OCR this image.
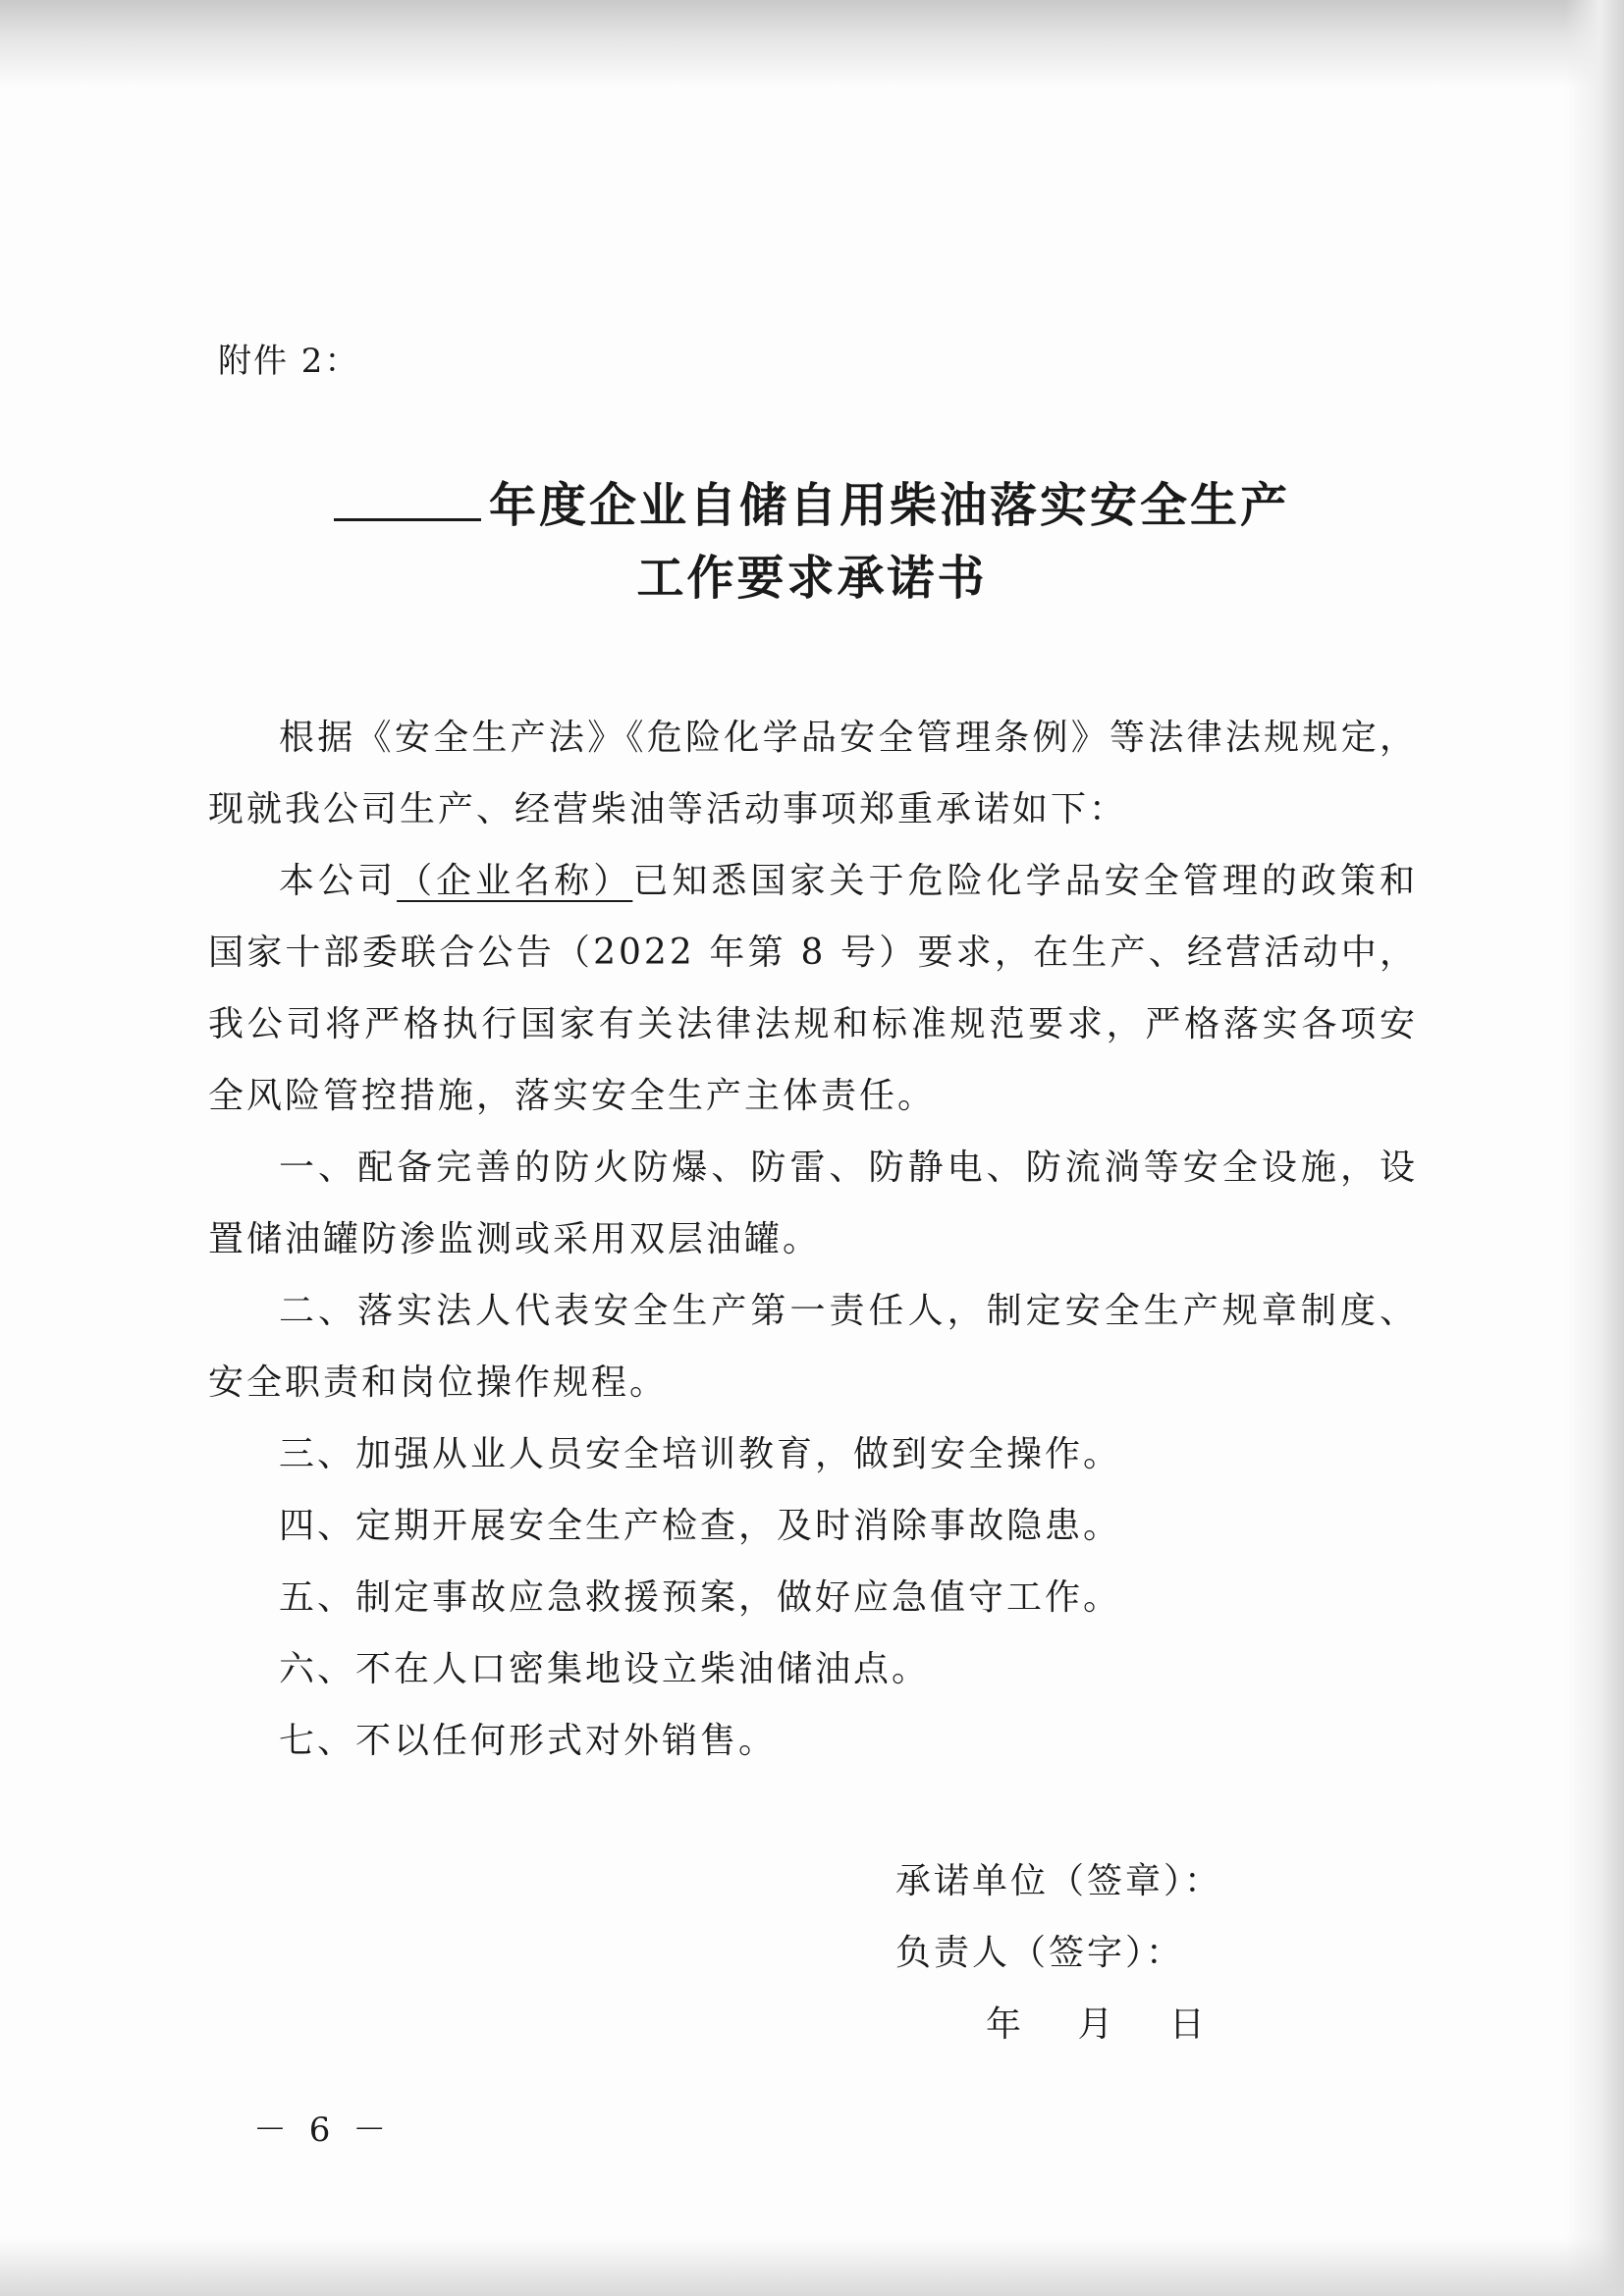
附件 2：
年度企业自储自用柴油落实安全生产
工作要求承诺书

根据《安全生产法》《危险化学品安全管理条例》等法律法规规定，现就我公司生产、经营柴油等活动事项郑重承诺如下：

本公司（企业名称）已知悉国家关于危险化学品安全管理的政策和国家十部委联合公告（2022 年第 8 号）要求，在生产、经营活动中，我公司将严格执行国家有关法律法规和标准规范要求，严格落实各项安全风险管控措施，落实安全生产主体责任。

一、配备完善的防火防爆、防雷、防静电、防流淌等安全设施，设置储油罐防渗监测或采用双层油罐。

二、落实法人代表安全生产第一责任人，制定安全生产规章制度、安全职责和岗位操作规程。

三、加强从业人员安全培训教育，做到安全操作。

四、定期开展安全生产检查，及时消除事故隐患。

五、制定事故应急救援预案，做好应急值守工作。

六、不在人口密集地设立柴油储油点。

七、不以任何形式对外销售。

承诺单位（签章）：
负责人（签字）：
年 月 日
－ 6 －
